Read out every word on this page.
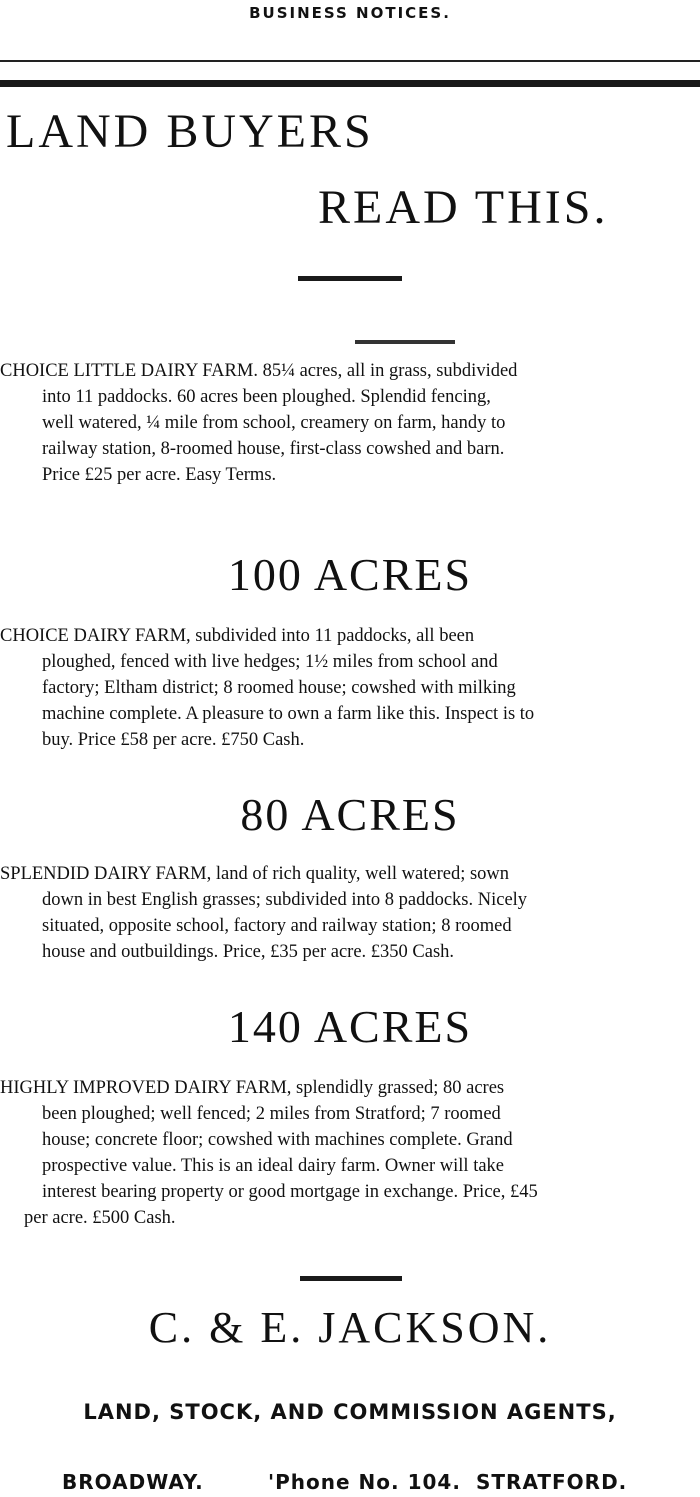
BUSINESS NOTICES.
LAND BUYERS
READ THIS.

CHOICE LITTLE DAIRY FARM. 85¼ acres, all in grass, subdivided

into 11 paddocks. 60 acres been ploughed. Splendid fencing,

well watered, ¼ mile from school, creamery on farm, handy to

railway station, 8-roomed house, first-class cowshed and barn.

Price £25 per acre. Easy Terms.

100 ACRES

CHOICE DAIRY FARM, subdivided into 11 paddocks, all been

ploughed, fenced with live hedges; 1½ miles from school and

factory; Eltham district; 8 roomed house; cowshed with milking

machine complete. A pleasure to own a farm like this. Inspect is to

buy. Price £58 per acre. £750 Cash.

80 ACRES

SPLENDID DAIRY FARM, land of rich quality, well watered; sown

down in best English grasses; subdivided into 8 paddocks. Nicely

situated, opposite school, factory and railway station; 8 roomed

house and outbuildings. Price, £35 per acre. £350 Cash.

140 ACRES

HIGHLY IMPROVED DAIRY FARM, splendidly grassed; 80 acres

been ploughed; well fenced; 2 miles from Stratford; 7 roomed

house; concrete floor; cowshed with machines complete. Grand

prospective value. This is an ideal dairy farm. Owner will take

interest bearing property or good mortgage in exchange. Price, £45

per acre. £500 Cash.

C. & E. JACKSON.
LAND, STOCK, AND COMMISSION AGENTS,
BROADWAY.	'Phone No. 104. STRATFORD.
